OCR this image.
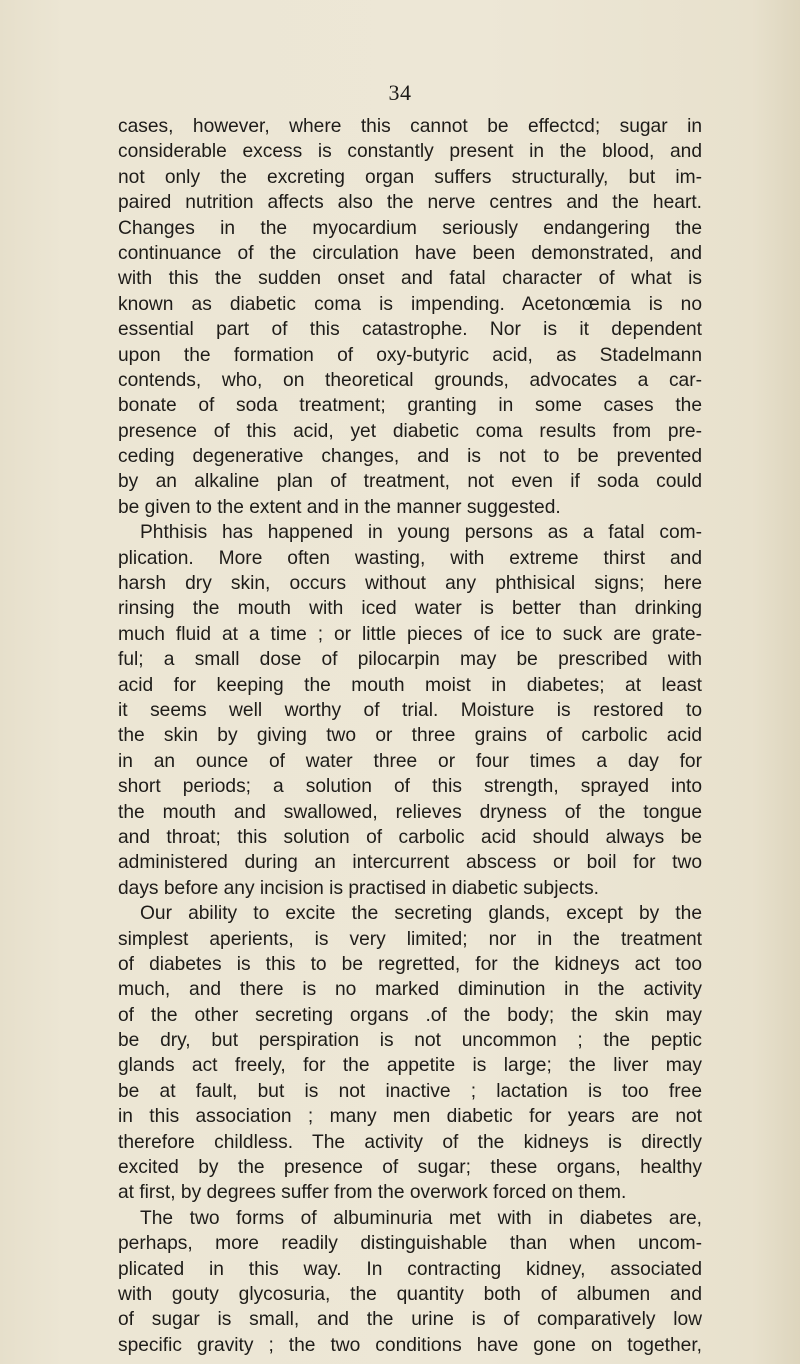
34
cases, however, where this cannot be effectcd; sugar in
considerable excess is constantly present in the blood, and
not only the excreting organ suffers structurally, but im-
paired nutrition affects also the nerve centres and the heart.
Changes in the myocardium seriously endangering the
continuance of the circulation have been demonstrated, and
with this the sudden onset and fatal character of what is
known as diabetic coma is impending. Acetonœmia is no
essential part of this catastrophe. Nor is it dependent
upon the formation of oxy-butyric acid, as Stadelmann
contends, who, on theoretical grounds, advocates a car-
bonate of soda treatment; granting in some cases the
presence of this acid, yet diabetic coma results from pre-
ceding degenerative changes, and is not to be prevented
by an alkaline plan of treatment, not even if soda could
be given to the extent and in the manner suggested.
Phthisis has happened in young persons as a fatal com-
plication. More often wasting, with extreme thirst and
harsh dry skin, occurs without any phthisical signs; here
rinsing the mouth with iced water is better than drinking
much fluid at a time ; or little pieces of ice to suck are grate-
ful; a small dose of pilocarpin may be prescribed with
acid for keeping the mouth moist in diabetes; at least
it seems well worthy of trial. Moisture is restored to
the skin by giving two or three grains of carbolic acid
in an ounce of water three or four times a day for
short periods; a solution of this strength, sprayed into
the mouth and swallowed, relieves dryness of the tongue
and throat; this solution of carbolic acid should always be
administered during an intercurrent abscess or boil for two
days before any incision is practised in diabetic subjects.
Our ability to excite the secreting glands, except by the
simplest aperients, is very limited; nor in the treatment
of diabetes is this to be regretted, for the kidneys act too
much, and there is no marked diminution in the activity
of the other secreting organs .of the body; the skin may
be dry, but perspiration is not uncommon ; the peptic
glands act freely, for the appetite is large; the liver may
be at fault, but is not inactive ; lactation is too free
in this association ; many men diabetic for years are not
therefore childless. The activity of the kidneys is directly
excited by the presence of sugar; these organs, healthy
at first, by degrees suffer from the overwork forced on them.
The two forms of albuminuria met with in diabetes are,
perhaps, more readily distinguishable than when uncom-
plicated in this way. In contracting kidney, associated
with gouty glycosuria, the quantity both of albumen and
of sugar is small, and the urine is of comparatively low
specific gravity ; the two conditions have gone on together,
